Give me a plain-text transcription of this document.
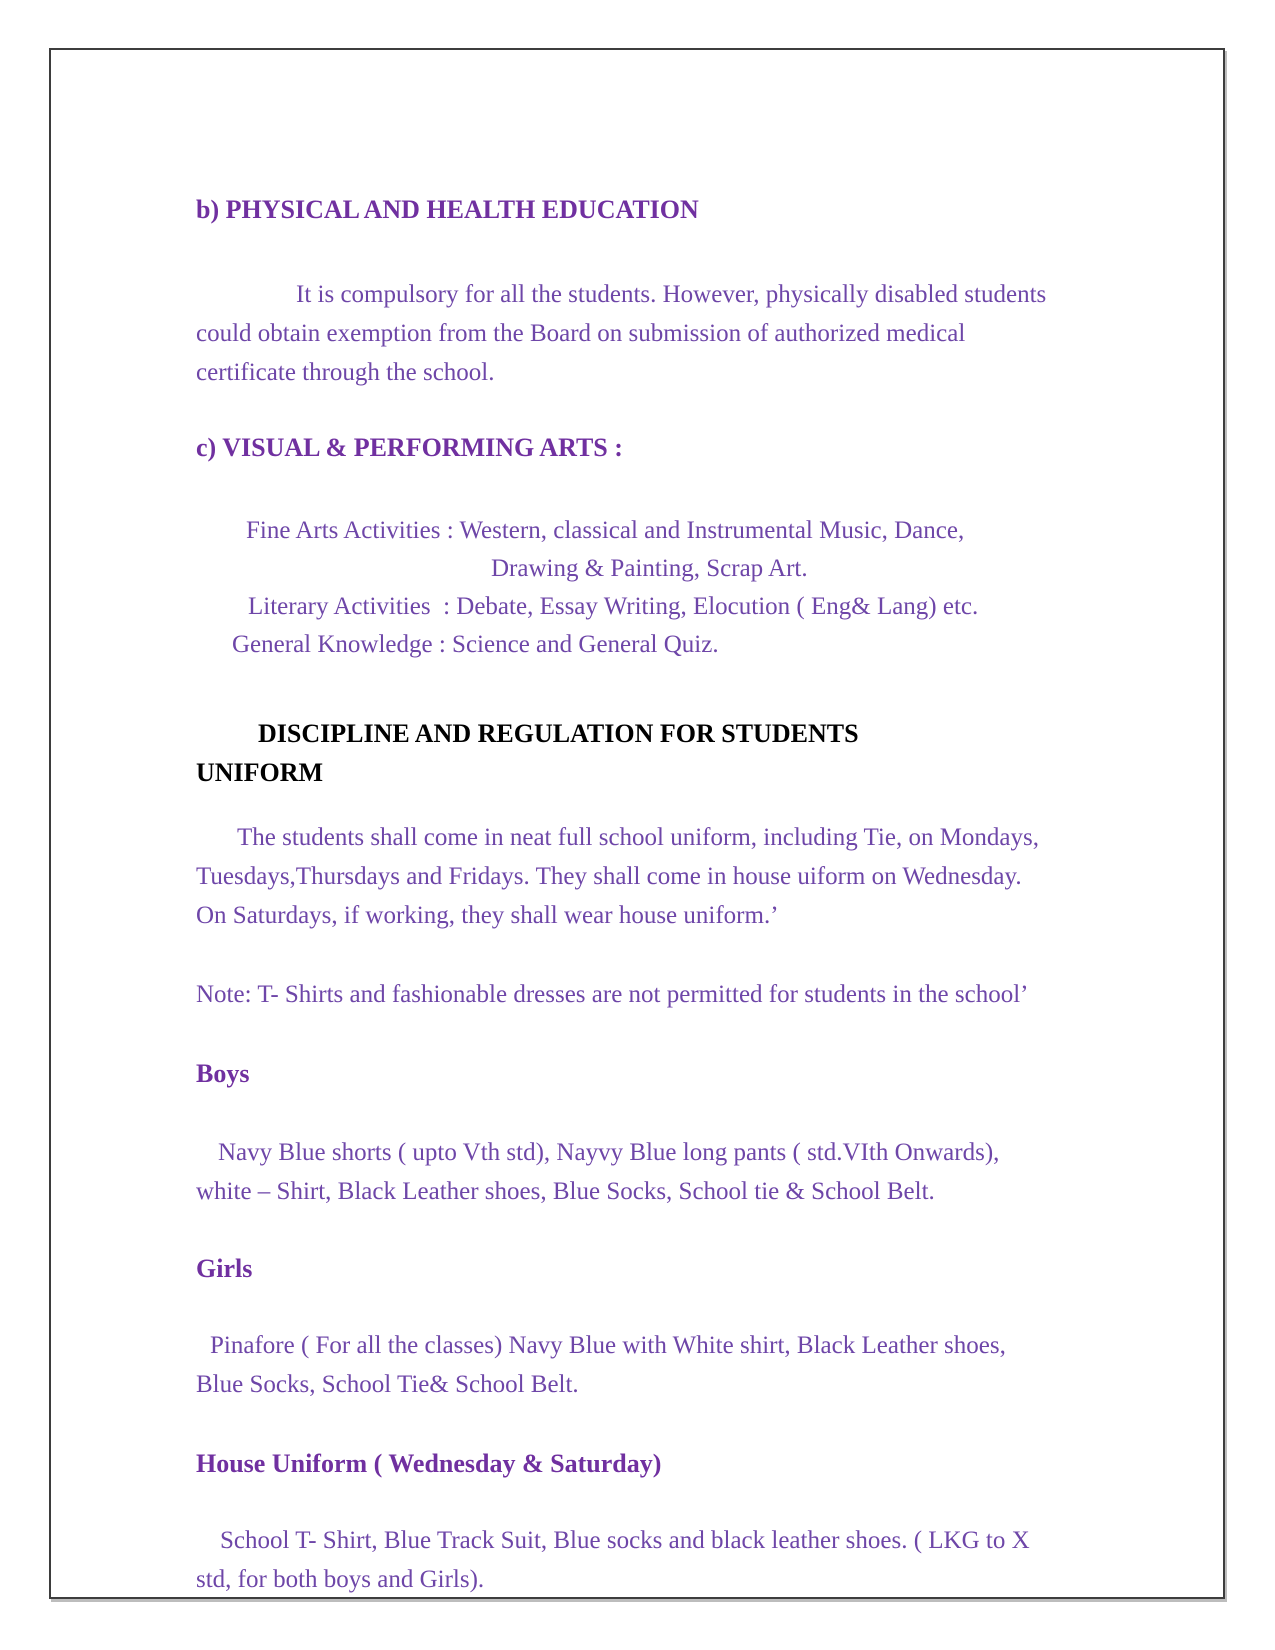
b) PHYSICAL AND HEALTH EDUCATION
It is compulsory for all the students. However, physically disabled students
could obtain exemption from the Board on submission of authorized medical
certificate through the school.
c) VISUAL & PERFORMING ARTS :
Fine Arts Activities : Western, classical and Instrumental Music, Dance,
Drawing & Painting, Scrap Art.
Literary Activities  : Debate, Essay Writing, Elocution ( Eng& Lang) etc.
General Knowledge : Science and General Quiz.
DISCIPLINE AND REGULATION FOR STUDENTS
UNIFORM
The students shall come in neat full school uniform, including Tie, on Mondays,
Tuesdays,Thursdays and Fridays. They shall come in house uiform on Wednesday.
On Saturdays, if working, they shall wear house uniform.’
Note: T- Shirts and fashionable dresses are not permitted for students in the school’
Boys
Navy Blue shorts ( upto Vth std), Nayvy Blue long pants ( std.VIth Onwards),
white – Shirt, Black Leather shoes, Blue Socks, School tie & School Belt.
Girls
Pinafore ( For all the classes) Navy Blue with White shirt, Black Leather shoes,
Blue Socks, School Tie& School Belt.
House Uniform ( Wednesday & Saturday)
School T- Shirt, Blue Track Suit, Blue socks and black leather shoes. ( LKG to X
std, for both boys and Girls).
